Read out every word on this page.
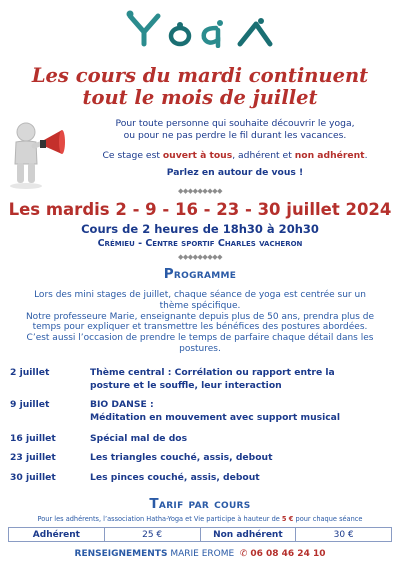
Les cours du mardi continuent
tout le mois de juillet
Pour toute personne qui souhaite découvrir le yoga,
ou pour ne pas perdre le fil durant les vacances.
Ce stage est ouvert à tous, adhérent et non adhérent.
Parlez en autour de vous !
◆◆◆◆◆◆◆◆◆
Les mardis 2 - 9 - 16 - 23 - 30 juillet 2024
Cours de 2 heures de 18h30 à 20h30
Crémieu - Centre sportif Charles vacheron
◆◆◆◆◆◆◆◆◆
Programme
Lors des mini stages de juillet, chaque séance de yoga est centrée sur un
thème spécifique.
Notre professeure Marie, enseignante depuis plus de 50 ans, prendra plus de
temps pour expliquer et transmettre les bénéfices des postures abordées.
C’est aussi l’occasion de prendre le temps de parfaire chaque détail dans les
postures.
2 juillet	Thème central : Corrélation ou rapport entre la
posture et le souffle, leur interaction
9 juillet	BIO DANSE :
Méditation en mouvement avec support musical
16 juillet	Spécial mal de dos
23 juillet	Les triangles couché, assis, debout
30 juillet	Les pinces couché, assis, debout
Tarif par cours
Pour les adhérents, l’association Hatha-Yoga et Vie participe à hauteur de 5 € pour chaque séance
Adhérent	25 €	Non adhérent	30 €
RENSEIGNEMENTS MARIE EROME ✆ 06 08 46 24 10
